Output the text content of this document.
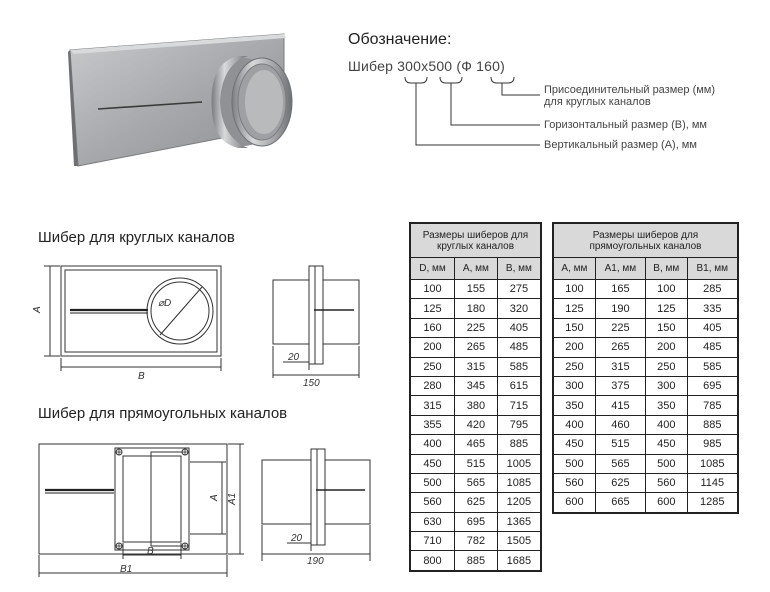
Обозначение:
Шибер 300х500 (Ф 160)
Присоединительный размер (мм)
для круглых каналов
Горизонтальный размер (B), мм
Вертикальный размер (А), мм
Шибер для круглых каналов
Шибер для прямоугольных каналов
A
B
⌀D
20
150
A A1
B
B1
20
190
Размеры шиберов для
круглых каналов		

D, мм	А, мм	В, мм
100	155	275
125	180	320
160	225	405
200	265	485
250	315	585
280	345	615
315	380	715
355	420	795
400	465	885
450	515	1005
500	565	1085
560	625	1205
630	695	1365
710	782	1505
800	885	1685
Размеры шиберов для
прямоугольных каналов			

А, мм	А1, мм	В, мм	В1, мм
100	165	100	285
125	190	125	335
150	225	150	405
200	265	200	485
250	315	250	585
300	375	300	695
350	415	350	785
400	460	400	885
450	515	450	985
500	565	500	1085
560	625	560	1145
600	665	600	1285
